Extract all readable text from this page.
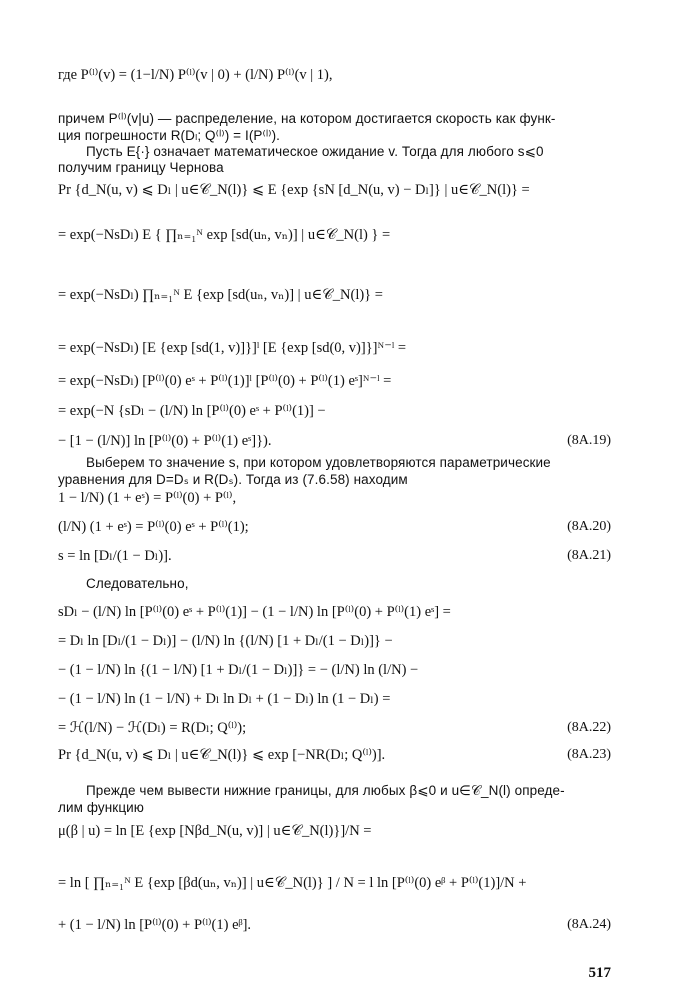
где P⁽ˡ⁾(v) = (1−l/N) P⁽ˡ⁾(v | 0) + (l/N) P⁽ˡ⁾(v | 1),
причем P⁽ˡ⁾(v|u) — распределение, на котором достигается скорость как функ-
ция погрешности R(Dₗ; Q⁽ˡ⁾) = I(P⁽ˡ⁾).
Пусть E{·} означает математическое ожидание v. Тогда для любого s⩽0
получим границу Чернова
Pr {d_N(u, v) ⩽ Dₗ | u∈𝒞_N(l)} ⩽ E {exp {sN [d_N(u, v) − Dₗ]} | u∈𝒞_N(l)} =
= exp(−NsDₗ) E { ∏ₙ₌₁ᴺ exp [sd(uₙ, vₙ)] | u∈𝒞_N(l) } =
= exp(−NsDₗ) ∏ₙ₌₁ᴺ E {exp [sd(uₙ, vₙ)] | u∈𝒞_N(l)} =
= exp(−NsDₗ) [E {exp [sd(1, v)]}]ˡ [E {exp [sd(0, v)]}]ᴺ⁻ˡ =
= exp(−NsDₗ) [P⁽ˡ⁾(0) eˢ + P⁽ˡ⁾(1)]ˡ [P⁽ˡ⁾(0) + P⁽ˡ⁾(1) eˢ]ᴺ⁻ˡ =
= exp(−N {sDₗ − (l/N) ln [P⁽ˡ⁾(0) eˢ + P⁽ˡ⁾(1)] −
− [1 − (l/N)] ln [P⁽ˡ⁾(0) + P⁽ˡ⁾(1) eˢ]}).	(8A.19)
Выберем то значение s, при котором удовлетворяются параметрические
уравнения для D=Dₛ и R(Dₛ). Тогда из (7.6.58) находим
1 − l/N) (1 + eˢ) = P⁽ˡ⁾(0) + P⁽ˡ⁾,
(l/N) (1 + eˢ) = P⁽ˡ⁾(0) eˢ + P⁽ˡ⁾(1);	(8A.20)
s = ln [Dₗ/(1 − Dₗ)].	(8A.21)
Следовательно,
sDₗ − (l/N) ln [P⁽ˡ⁾(0) eˢ + P⁽ˡ⁾(1)] − (1 − l/N) ln [P⁽ˡ⁾(0) + P⁽ˡ⁾(1) eˢ] =
= Dₗ ln [Dₗ/(1 − Dₗ)] − (l/N) ln {(l/N) [1 + Dₗ/(1 − Dₗ)]} −
− (1 − l/N) ln {(1 − l/N) [1 + Dₗ/(1 − Dₗ)]} = − (l/N) ln (l/N) −
− (1 − l/N) ln (1 − l/N) + Dₗ ln Dₗ + (1 − Dₗ) ln (1 − Dₗ) =
= ℋ(l/N) − ℋ(Dₗ) = R(Dₗ; Q⁽ˡ⁾);	(8A.22)
Pr {d_N(u, v) ⩽ Dₗ | u∈𝒞_N(l)} ⩽ exp [−NR(Dₗ; Q⁽ˡ⁾)].	(8A.23)
Прежде чем вывести нижние границы, для любых β⩽0 и u∈𝒞_N(l) опреде-
лим функцию
μ(β | u) = ln [E {exp [Nβd_N(u, v)] | u∈𝒞_N(l)}]/N =
= ln [ ∏ₙ₌₁ᴺ E {exp [βd(uₙ, vₙ)] | u∈𝒞_N(l)} ] / N = l ln [P⁽ˡ⁾(0) eᵝ + P⁽ˡ⁾(1)]/N +
+ (1 − l/N) ln [P⁽ˡ⁾(0) + P⁽ˡ⁾(1) eᵝ].	(8A.24)
517
